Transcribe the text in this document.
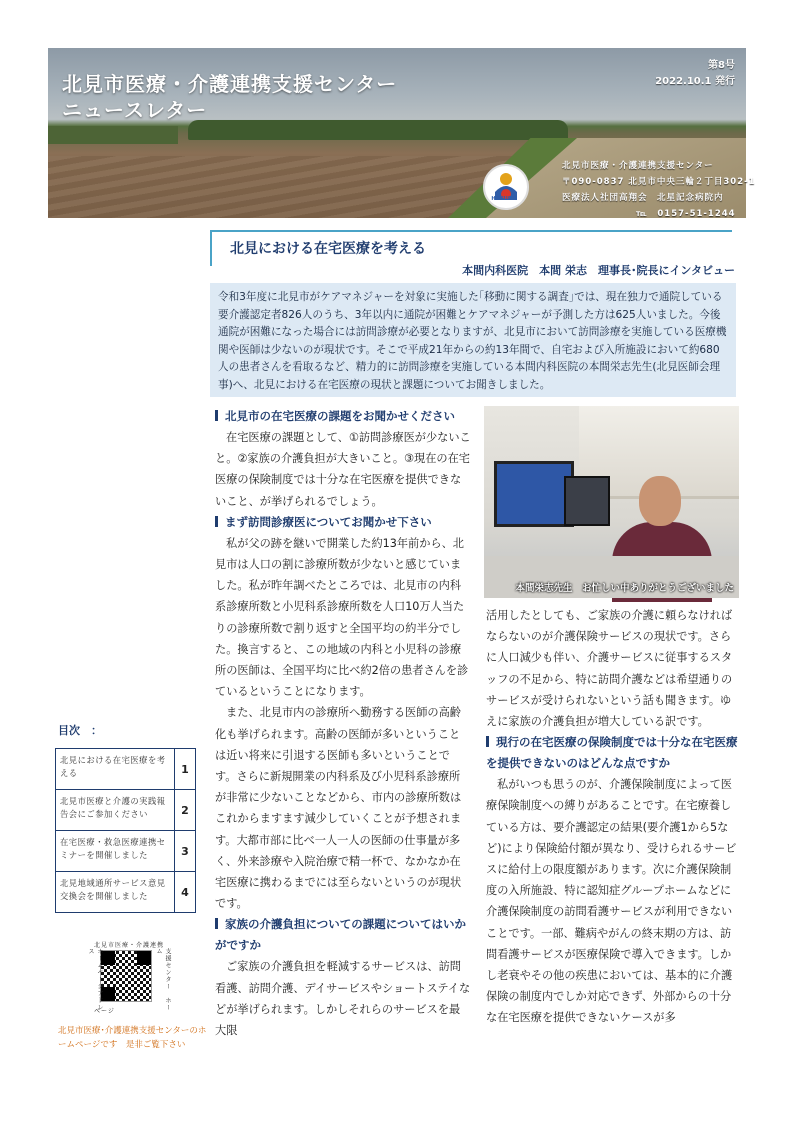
北見市医療・介護連携支援センター
ニュースレター
第8号
2022.10.1 発行
HOKUSEI
北見市医療・介護連携支援センター
〒090-0837 北見市中央三輪２丁目302-1
医療法人社団高翔会　北星記念病院内
℡　0157-51-1244
北見における在宅医療を考える
本間内科医院　本間 栄志　理事長･院長にインタビュー
令和3年度に北見市がケアマネジャーを対象に実施した｢移動に関する調査｣では、現在独力で通院している要介護認定者826人のうち、3年以内に通院が困難とケアマネジャーが予測した方は625人いました。今後通院が困難になった場合には訪問診療が必要となりますが、北見市において訪問診療を実施している医療機関や医師は少ないのが現状です。そこで平成21年からの約13年間で、自宅および入所施設において約680人の患者さんを看取るなど、精力的に訪問診療を実施している本間内科医院の本間栄志先生(北見医師会理事)へ、北見における在宅医療の現状と課題についてお聞きしました。
北見市の在宅医療の課題をお聞かせください

在宅医療の課題として、①訪問診療医が少ないこと。②家族の介護負担が大きいこと。③現在の在宅医療の保険制度では十分な在宅医療を提供できないこと、が挙げられるでしょう。

まず訪問診療医についてお聞かせ下さい

私が父の跡を継いで開業した約13年前から、北見市は人口の割に診療所数が少ないと感じていました。私が昨年調べたところでは、北見市の内科系診療所数と小児科系診療所数を人口10万人当たりの診療所数で割り返すと全国平均の約半分でした。換言すると、この地域の内科と小児科の診療所の医師は、全国平均に比べ約2倍の患者さんを診ているということになります。

また、北見市内の診療所へ勤務する医師の高齢化も挙げられます。高齢の医師が多いということは近い将来に引退する医師も多いということです。さらに新規開業の内科系及び小児科系診療所が非常に少ないことなどから、市内の診療所数はこれからますます減少していくことが予想されます。大都市部に比べ一人一人の医師の仕事量が多く、外来診療や入院治療で精一杯で、なかなか在宅医療に携わるまでには至らないというのが現状です。

家族の介護負担についての課題についてはいかがですか

ご家族の介護負担を軽減するサービスは、訪問看護、訪問介護、デイサービスやショートステイなどが挙げられます。しかしそれらのサービスを最大限

本間栄志先生　お忙しい中ありがとうございました

活用したとしても、ご家族の介護に頼らなければならないのが介護保険サービスの現状です。さらに人口減少も伴い、介護サービスに従事するスタッフの不足から、特に訪問介護などは希望通りのサービスが受けられないという話も聞きます。ゆえに家族の介護負担が増大している訳です。

現行の在宅医療の保険制度では十分な在宅医療を提供できないのはどんな点ですか

私がいつも思うのが、介護保険制度によって医療保険制度への縛りがあることです。在宅療養している方は、要介護認定の結果(要介護1から5など)により保険給付額が異なり、受けられるサービスに給付上の限度額があります。次に介護保険制度の入所施設、特に認知症グループホームなどに介護保険制度の訪問看護サービスが利用できないことです。一部、難病やがんの終末期の方は、訪問看護サービスが医療保険で導入できます。しかし老衰やその他の疾患においては、基本的に介護保険の制度内でしか対応できず、外部からの十分な在宅医療を提供できないケースが多

目次　：
北見における在宅医療を考える	1
北見市医療と介護の実践報告会にご参加ください	2
在宅医療・救急医療連携セミナーを開催しました	3
北見地域通所サービス意見交換会を開催しました	4
北見市医療・介護連携
支援センター　ホーム
ホームページアドレス
ページ
北見市医療･介護連携支援センターのホームページです　是非ご覧下さい
